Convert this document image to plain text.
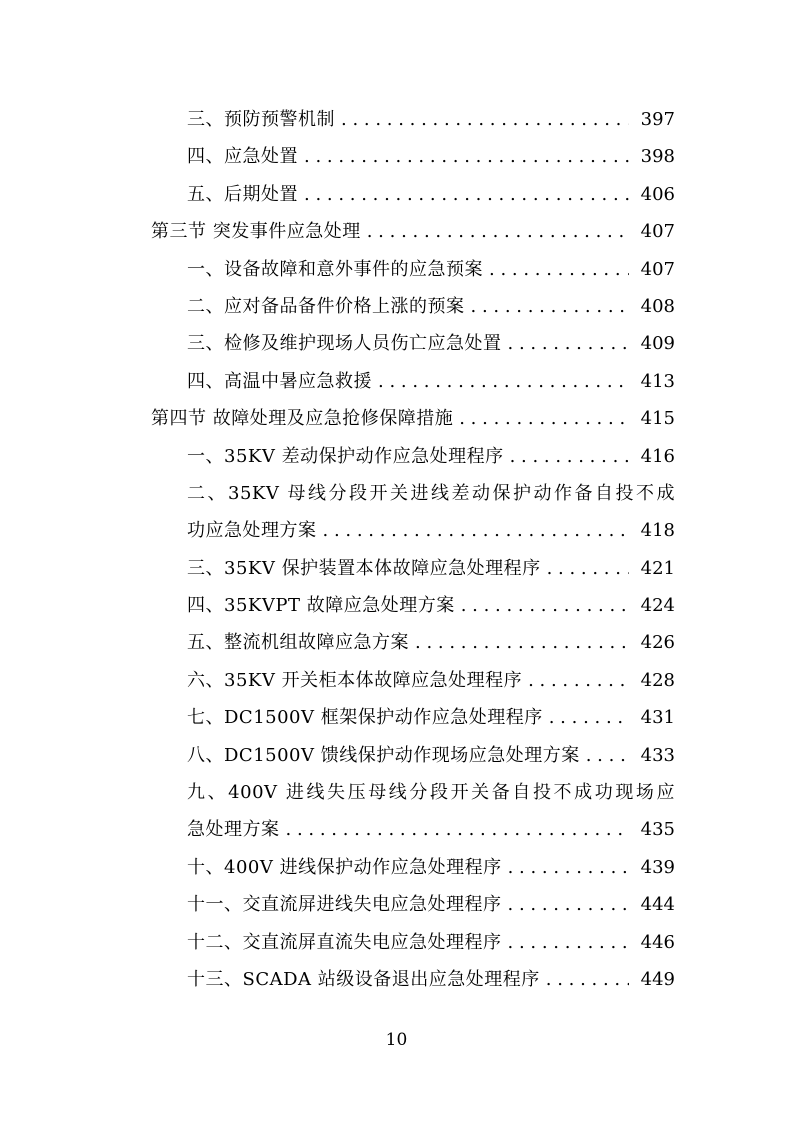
三、预防预警机制 . . .	397
四、应急处置 . . .	398
五、后期处置 . . .	406
第三节 突发事件应急处理 . . .	407
一、设备故障和意外事件的应急预案 . . .	407
二、应对备品备件价格上涨的预案 . . .	408
三、检修及维护现场人员伤亡应急处置 . . .	409
四、高温中暑应急救援 . . .	413
第四节 故障处理及应急抢修保障措施 . . .	415
一、35KV 差动保护动作应急处理程序 . . .	416
二、35KV 母线分段开关进线差动保护动作备自投不成
功应急处理方案 . . .	418
三、35KV 保护装置本体故障应急处理程序 . . .	421
四、35KVPT 故障应急处理方案 . . .	424
五、整流机组故障应急方案 . . .	426
六、35KV 开关柜本体故障应急处理程序 . . .	428
七、DC1500V 框架保护动作应急处理程序 . . .	431
八、DC1500V 馈线保护动作现场应急处理方案 . . .	433
九、400V 进线失压母线分段开关备自投不成功现场应
急处理方案 . . .	435
十、400V 进线保护动作应急处理程序 . . .	439
十一、交直流屏进线失电应急处理程序 . . .	444
十二、交直流屏直流失电应急处理程序 . . .	446
十三、SCADA 站级设备退出应急处理程序 . . .	449
10
